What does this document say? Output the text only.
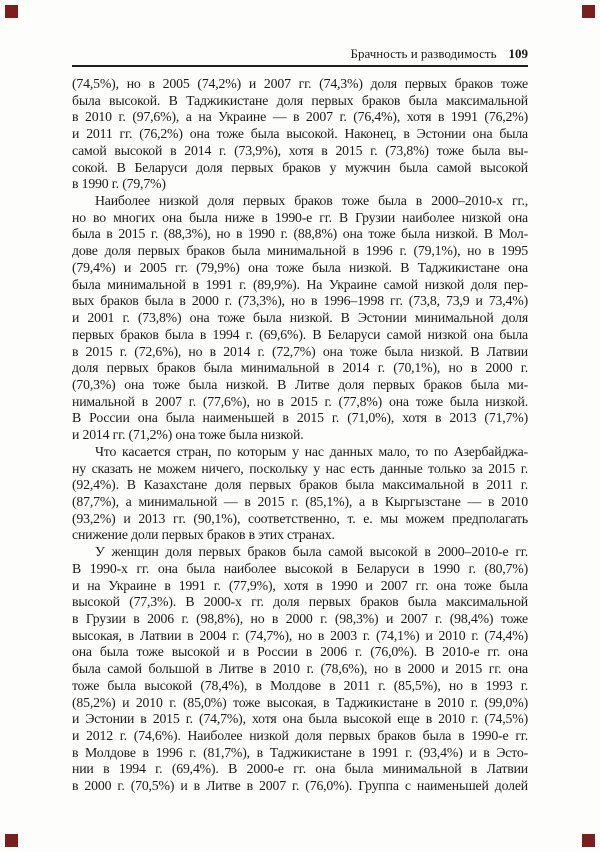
Брачность и разводимость 109
(74,5%), но в 2005 (74,2%) и 2007 гг. (74,3%) доля первых браков тоже
была высокой. В Таджикистане доля первых браков была максимальной
в 2010 г. (97,6%), а на Украине — в 2007 г. (76,4%), хотя в 1991 (76,2%)
и 2011 гг. (76,2%) она тоже была высокой. Наконец, в Эстонии она была
самой высокой в 2014 г. (73,9%), хотя в 2015 г. (73,8%) тоже была вы-
сокой. В Беларуси доля первых браков у мужчин была самой высокой
в 1990 г. (79,7%)
Наиболее низкой доля первых браков тоже была в 2000–2010-х гг.,
но во многих она была ниже в 1990-е гг. В Грузии наиболее низкой она
была в 2015 г. (88,3%), но в 1990 г. (88,8%) она тоже была низкой. В Мол-
дове доля первых браков была минимальной в 1996 г. (79,1%), но в 1995
(79,4%) и 2005 гг. (79,9%) она тоже была низкой. В Таджикистане она
была минимальной в 1991 г. (89,9%). На Украине самой низкой доля пер-
вых браков была в 2000 г. (73,3%), но в 1996–1998 гг. (73,8, 73,9 и 73,4%)
и 2001 г. (73,8%) она тоже была низкой. В Эстонии минимальной доля
первых браков была в 1994 г. (69,6%). В Беларуси самой низкой она была
в 2015 г. (72,6%), но в 2014 г. (72,7%) она тоже была низкой. В Латвии
доля первых браков была минимальной в 2014 г. (70,1%), но в 2000 г.
(70,3%) она тоже была низкой. В Литве доля первых браков была ми-
нимальной в 2007 г. (77,6%), но в 2015 г. (77,8%) она тоже была низкой.
В России она была наименьшей в 2015 г. (71,0%), хотя в 2013 (71,7%)
и 2014 гг. (71,2%) она тоже была низкой.
Что касается стран, по которым у нас данных мало, то по Азербайджа-
ну сказать не можем ничего, поскольку у нас есть данные только за 2015 г.
(92,4%). В Казахстане доля первых браков была максимальной в 2011 г.
(87,7%), а минимальной — в 2015 г. (85,1%), а в Кыргызстане — в 2010
(93,2%) и 2013 гг. (90,1%), соответственно, т. е. мы можем предполагать
снижение доли первых браков в этих странах.
У женщин доля первых браков была самой высокой в 2000–2010-е гг.
В 1990-х гг. она была наиболее высокой в Беларуси в 1990 г. (80,7%)
и на Украине в 1991 г. (77,9%), хотя в 1990 и 2007 гг. она тоже была
высокой (77,3%). В 2000-х гг. доля первых браков была максимальной
в Грузии в 2006 г. (98,8%), но в 2000 г. (98,3%) и 2007 г. (98,4%) тоже
высокая, в Латвии в 2004 г. (74,7%), но в 2003 г. (74,1%) и 2010 г. (74,4%)
она была тоже высокой и в России в 2006 г. (76,0%). В 2010-е гг. она
была самой большой в Литве в 2010 г. (78,6%), но в 2000 и 2015 гг. она
тоже была высокой (78,4%), в Молдове в 2011 г. (85,5%), но в 1993 г.
(85,2%) и 2010 г. (85,0%) тоже высокая, в Таджикистане в 2010 г. (99,0%)
и Эстонии в 2015 г. (74,7%), хотя она была высокой еще в 2010 г. (74,5%)
и 2012 г. (74,6%). Наиболее низкой доля первых браков была в 1990-е гг.
в Молдове в 1996 г. (81,7%), в Таджикистане в 1991 г. (93,4%) и в Эсто-
нии в 1994 г. (69,4%). В 2000-е гг. она была минимальной в Латвии
в 2000 г. (70,5%) и в Литве в 2007 г. (76,0%). Группа с наименьшей долей
